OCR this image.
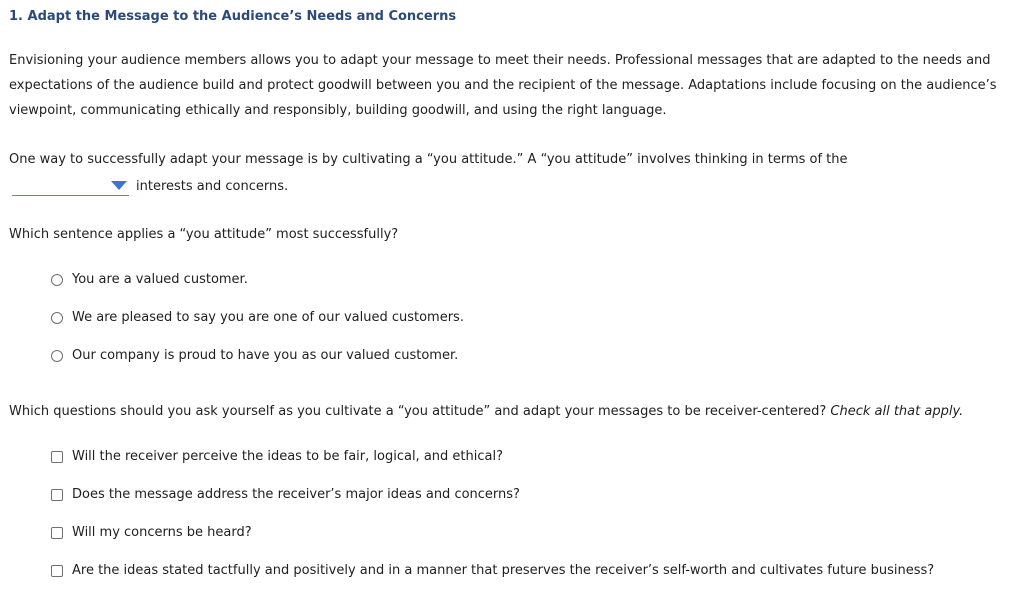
1. Adapt the Message to the Audience’s Needs and Concerns
Envisioning your audience members allows you to adapt your message to meet their needs. Professional messages that are adapted to the needs and expectations of the audience build and protect goodwill between you and the recipient of the message. Adaptations include focusing on the audience’s viewpoint, communicating ethically and responsibly, building goodwill, and using the right language.
One way to successfully adapt your message is by cultivating a “you attitude.” A “you attitude” involves thinking in terms of the
interests and concerns.
Which sentence applies a “you attitude” most successfully?
You are a valued customer.
We are pleased to say you are one of our valued customers.
Our company is proud to have you as our valued customer.
Which questions should you ask yourself as you cultivate a “you attitude” and adapt your messages to be receiver-centered? Check all that apply.
Will the receiver perceive the ideas to be fair, logical, and ethical?
Does the message address the receiver’s major ideas and concerns?
Will my concerns be heard?
Are the ideas stated tactfully and positively and in a manner that preserves the receiver’s self-worth and cultivates future business?
